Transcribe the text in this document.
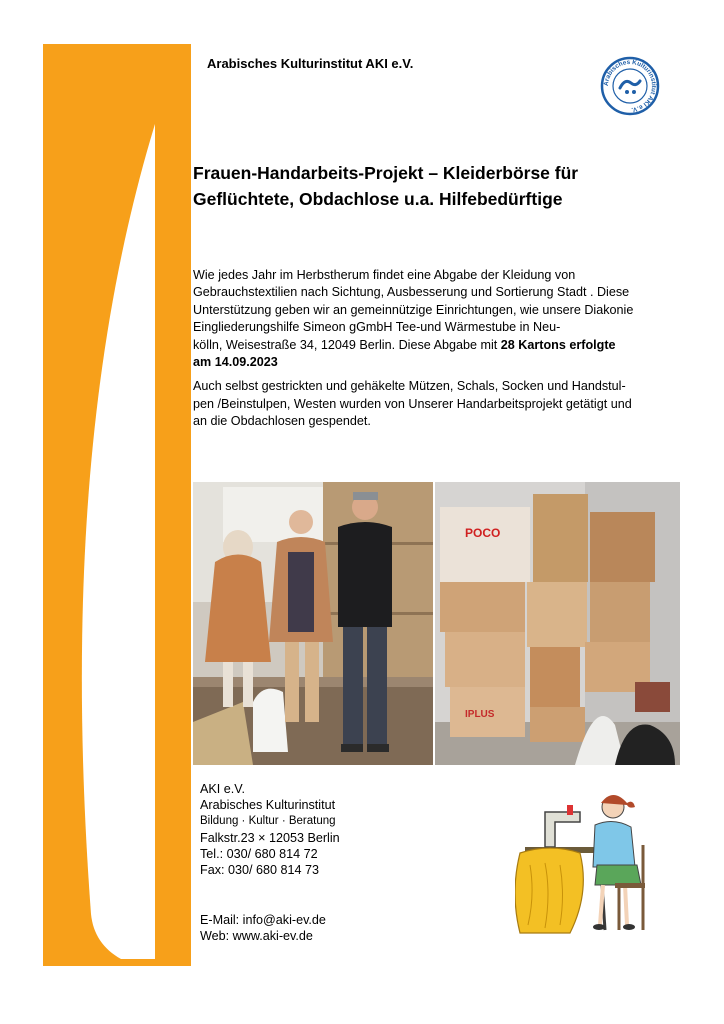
Arabisches Kulturinstitut AKI e.V.
Arabisches Kulturinstitut AKI e.V.
Frauen-Handarbeits-Projekt – Kleiderbörse für
Geflüchtete, Obdachlose u.a. Hilfebedürftige

Wie jedes Jahr im Herbstherum findet eine Abgabe der Kleidung von
Gebrauchstextilien nach Sichtung, Ausbesserung und Sortierung Stadt . Diese
Unterstützung geben wir an gemeinnützige Einrichtungen, wie unsere Diakonie
Eingliederungshilfe Simeon gGmbH Tee-und Wärmestube in Neu-
kölln, Weisestraße 34, 12049 Berlin. Diese Abgabe mit 28 Kartons erfolgte
am 14.09.2023

Auch selbst gestrickten und gehäkelte Mützen, Schals, Socken und Handstul-
pen /Beinstulpen, Westen wurden von Unserer Handarbeitsprojekt getätigt und
an die Obdachlosen gespendet.

POCO
IPLUS
AKI e.V.
Arabisches Kulturinstitut
Bildung · Kultur · Beratung
Falkstr.23 × 12053 Berlin
Tel.: 030/ 680 814 72
Fax: 030/ 680 814 73
E-Mail: info@aki-ev.de
Web: www.aki-ev.de
